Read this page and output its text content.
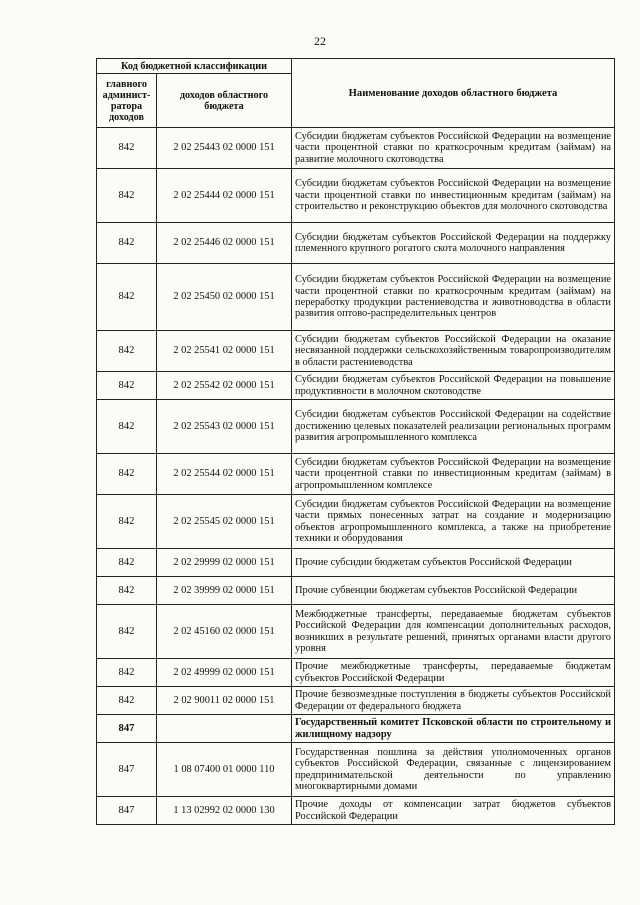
22
Код бюджетной классификации		Наименование доходов областного бюджета
главного админист-ратора доходов	доходов областного бюджета	
842	2 02 25443 02 0000 151	Субсидии бюджетам субъектов Российской Федерации на возмещение части процентной ставки по краткосрочным кредитам (займам) на развитие молочного скотоводства
842	2 02 25444 02 0000 151	Субсидии бюджетам субъектов Российской Федерации на возмещение части процентной ставки по инвестиционным кредитам (займам) на строительство и реконструкцию объектов для молочного скотоводства
842	2 02 25446 02 0000 151	Субсидии бюджетам субъектов Российской Федерации на поддержку племенного крупного рогатого скота молочного направления
842	2 02 25450 02 0000 151	Субсидии бюджетам субъектов Российской Федерации на возмещение части процентной ставки по краткосрочным кредитам (займам) на переработку продукции растениеводства и животноводства в области развития оптово-распределительных центров
842	2 02 25541 02 0000 151	Субсидии бюджетам субъектов Российской Федерации на оказание несвязанной поддержки сельскохозяйственным товаропроизводителям в области растениеводства
842	2 02 25542 02 0000 151	Субсидии бюджетам субъектов Российской Федерации на повышение продуктивности в молочном скотоводстве
842	2 02 25543 02 0000 151	Субсидии бюджетам субъектов Российской Федерации на содействие достижению целевых показателей реализации региональных программ развития агропромышленного комплекса
842	2 02 25544 02 0000 151	Субсидии бюджетам субъектов Российской Федерации на возмещение части процентной ставки по инвестиционным кредитам (займам) в агропромышленном комплексе
842	2 02 25545 02 0000 151	Субсидии бюджетам субъектов Российской Федерации на возмещение части прямых понесенных затрат на создание и модернизацию объектов агропромышленного комплекса, а также на приобретение техники и оборудования
842	2 02 29999 02 0000 151	Прочие субсидии бюджетам субъектов Российской Федерации
842	2 02 39999 02 0000 151	Прочие субвенции бюджетам субъектов Российской Федерации
842	2 02 45160 02 0000 151	Межбюджетные трансферты, передаваемые бюджетам субъектов Российской Федерации для компенсации дополнительных расходов, возникших в результате решений, принятых органами власти другого уровня
842	2 02 49999 02 0000 151	Прочие межбюджетные трансферты, передаваемые бюджетам субъектов Российской Федерации
842	2 02 90011 02 0000 151	Прочие безвозмездные поступления в бюджеты субъектов Российской Федерации от федерального бюджета
847		Государственный комитет Псковской области по строительному и жилищному надзору
847	1 08 07400 01 0000 110	Государственная пошлина за действия уполномоченных органов субъектов Российской Федерации, связанные с лицензированием предпринимательской деятельности по управлению многоквартирными домами
847	1 13 02992 02 0000 130	Прочие доходы от компенсации затрат бюджетов субъектов Российской Федерации
